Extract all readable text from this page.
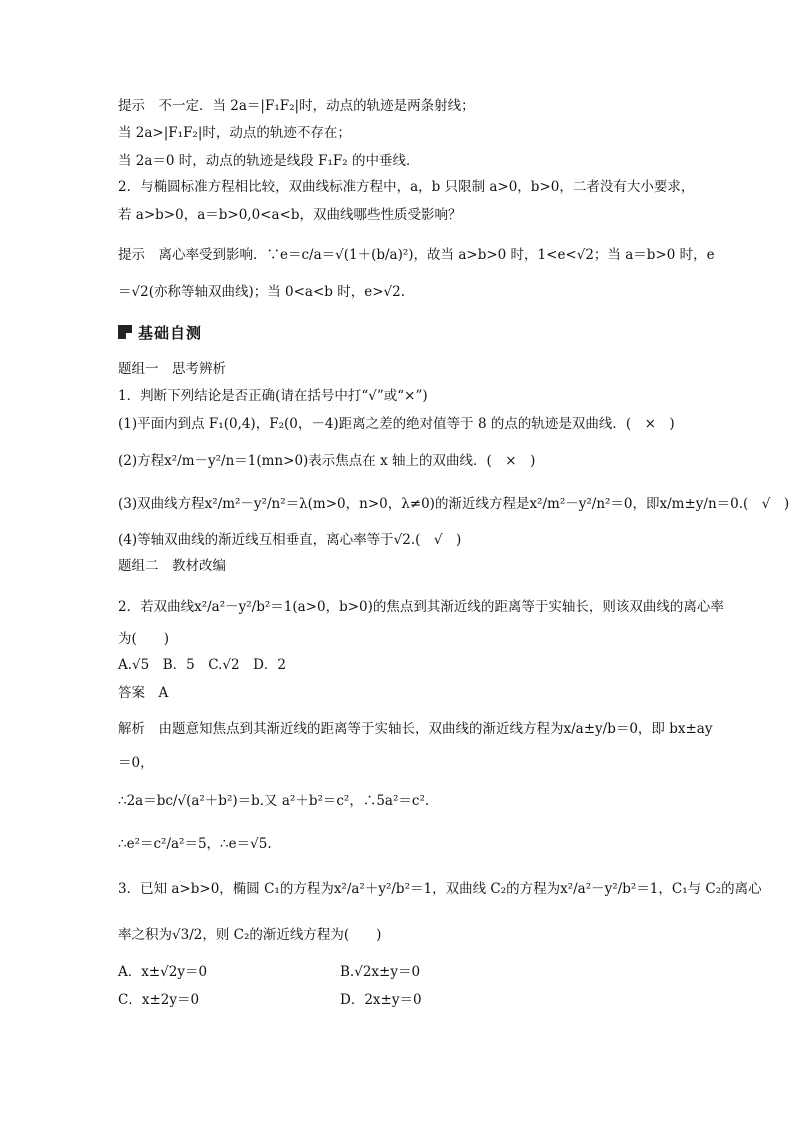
提示　不一定．当 2a＝|F₁F₂|时，动点的轨迹是两条射线；
当 2a>|F₁F₂|时，动点的轨迹不存在；
当 2a＝0 时，动点的轨迹是线段 F₁F₂ 的中垂线．
2．与椭圆标准方程相比较，双曲线标准方程中，a，b 只限制 a>0，b>0，二者没有大小要求，
若 a>b>0，a＝b>0,0<a<b，双曲线哪些性质受影响？
提示　离心率受到影响．∵e＝c/a＝√(1＋(b/a)²)，故当 a>b>0 时，1<e<√2；当 a＝b>0 时，e
＝√2(亦称等轴双曲线)；当 0<a<b 时，e>√2.
基础自测
题组一　思考辨析
1．判断下列结论是否正确(请在括号中打“√”或“×”)
(1)平面内到点 F₁(0,4)，F₂(0，－4)距离之差的绝对值等于 8 的点的轨迹是双曲线．(　×　)
(2)方程x²/m－y²/n＝1(mn>0)表示焦点在 x 轴上的双曲线．(　×　)
(3)双曲线方程x²/m²－y²/n²＝λ(m>0，n>0，λ≠0)的渐近线方程是x²/m²－y²/n²＝0，即x/m±y/n＝0.(　√　)
(4)等轴双曲线的渐近线互相垂直，离心率等于√2.(　√　)
题组二　教材改编
2．若双曲线x²/a²－y²/b²＝1(a>0，b>0)的焦点到其渐近线的距离等于实轴长，则该双曲线的离心率
为(　　)
A.√5　B．5　C.√2　D．2
答案　A
解析　由题意知焦点到其渐近线的距离等于实轴长，双曲线的渐近线方程为x/a±y/b＝0，即 bx±ay
＝0，
∴2a＝bc/√(a²＋b²)＝b.又 a²＋b²＝c²，∴5a²＝c².
∴e²＝c²/a²＝5，∴e＝√5.
3．已知 a>b>0，椭圆 C₁的方程为x²/a²＋y²/b²＝1，双曲线 C₂的方程为x²/a²－y²/b²＝1，C₁与 C₂的离心
率之积为√3/2，则 C₂的渐近线方程为(　　)
A．x±√2y＝0	B.√2x±y＝0
C．x±2y＝0	D．2x±y＝0
